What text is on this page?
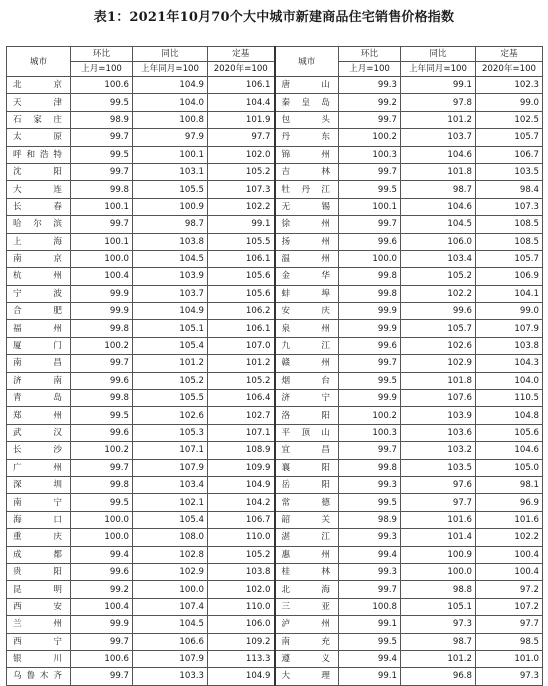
表1：2021年10月70个大中城市新建商品住宅销售价格指数
城市	环比	同比	定基	城市	环比	同比	定基
	上月=100	上年同月=100	2020年=100		上月=100	上年同月=100	2020年=100
北　京	100.6	104.9	106.1	唐　山	99.3	99.1	102.3
天　津	99.5	104.0	104.4	秦皇岛	99.2	97.8	99.0
石家庄	98.9	100.8	101.9	包　头	99.7	101.2	102.5
太　原	99.7	97.9	97.7	丹　东	100.2	103.7	105.7
呼和浩特	99.5	100.1	102.0	锦　州	100.3	104.6	106.7
沈　阳	99.7	103.1	105.2	吉　林	99.7	101.8	103.5
大　连	99.8	105.5	107.3	牡丹江	99.5	98.7	98.4
长　春	100.1	100.9	102.2	无　锡	100.1	104.6	107.3
哈尔滨	99.7	98.7	99.1	徐　州	99.7	104.5	108.5
上　海	100.1	103.8	105.5	扬　州	99.6	106.0	108.5
南　京	100.0	104.5	106.1	温　州	100.0	103.4	105.7
杭　州	100.4	103.9	105.6	金　华	99.8	105.2	106.9
宁　波	99.9	103.7	105.6	蚌　埠	99.8	102.2	104.1
合　肥	99.9	104.9	106.2	安　庆	99.9	99.6	99.0
福　州	99.8	105.1	106.1	泉　州	99.9	105.7	107.9
厦　门	100.2	105.4	107.0	九　江	99.6	102.6	103.8
南　昌	99.7	101.2	101.2	赣　州	99.7	102.9	104.3
济　南	99.6	105.2	105.2	烟　台	99.5	101.8	104.0
青　岛	99.8	105.5	106.4	济　宁	99.9	107.6	110.5
郑　州	99.5	102.6	102.7	洛　阳	100.2	103.9	104.8
武　汉	99.6	105.3	107.1	平顶山	100.3	103.6	105.6
长　沙	100.2	107.1	108.9	宜　昌	99.7	103.2	104.6
广　州	99.7	107.9	109.9	襄　阳	99.8	103.5	105.0
深　圳	99.8	103.4	104.9	岳　阳	99.3	97.6	98.1
南　宁	99.5	102.1	104.2	常　德	99.5	97.7	96.9
海　口	100.0	105.4	106.7	韶　关	98.9	101.6	101.6
重　庆	100.0	108.0	110.0	湛　江	99.3	101.4	102.2
成　都	99.4	102.8	105.2	惠　州	99.4	100.9	100.4
贵　阳	99.6	102.9	103.8	桂　林	99.3	100.0	100.4
昆　明	99.2	100.0	102.0	北　海	99.7	98.8	97.2
西　安	100.4	107.4	110.0	三　亚	100.8	105.1	107.2
兰　州	99.9	104.5	106.0	泸　州	99.1	97.3	97.7
西　宁	99.7	106.6	109.2	南　充	99.5	98.7	98.5
银　川	100.6	107.9	113.3	遵　义	99.4	101.2	101.0
乌鲁木齐	99.7	103.3	104.9	大　理	99.1	96.8	97.3
